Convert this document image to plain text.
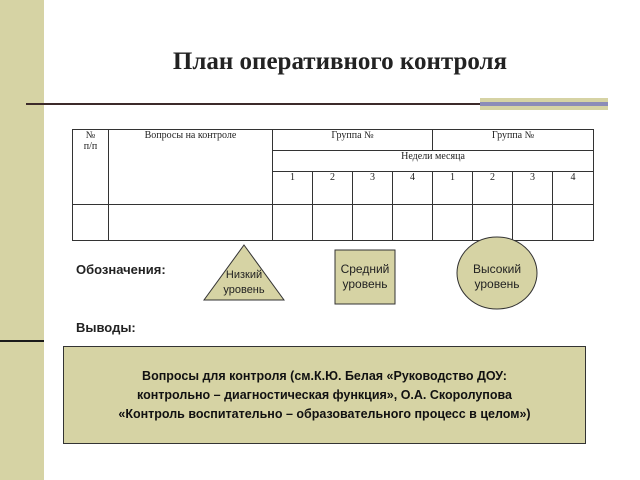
План оперативного контроля
№
п/п	Вопросы на контроле	Группа №				Группа №			
		Недели месяца							
		1	2	3	4	1	2	3	4

Обозначения:	Низкий
уровень
Средний
уровень
Высокий
уровень
Выводы:
Вопросы для контроля (см.К.Ю. Белая «Руководство ДОУ:
контрольно – диагностическая функция», О.А. Скоролупова
«Контроль воспитательно – образовательного процесс в целом»)
